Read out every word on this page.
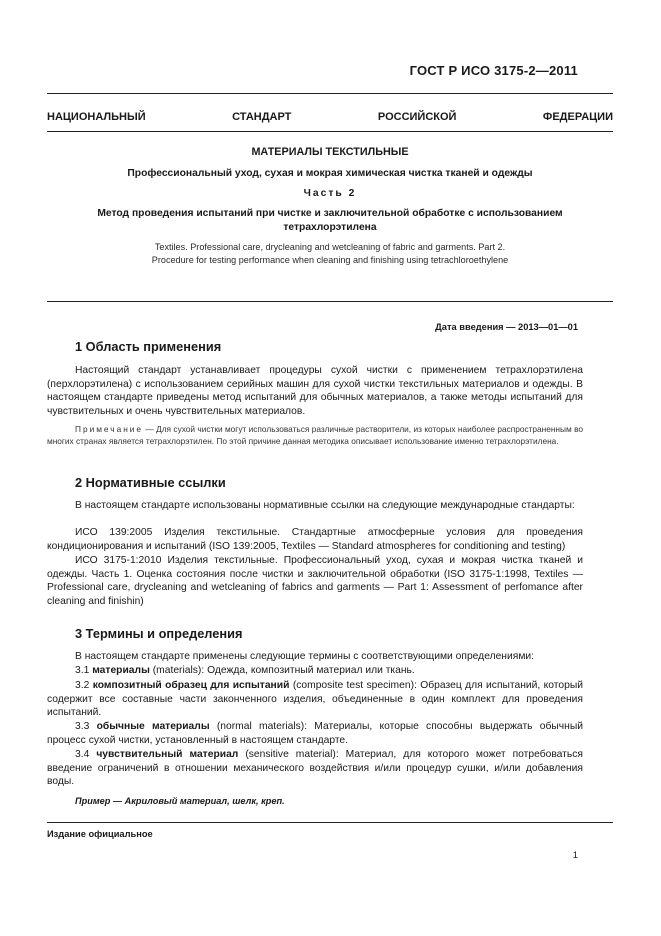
ГОСТ Р ИСО 3175-2—2011
НАЦИОНАЛЬНЫЙ СТАНДАРТ РОССИЙСКОЙ ФЕДЕРАЦИИ
МАТЕРИАЛЫ ТЕКСТИЛЬНЫЕ
Профессиональный уход, сухая и мокрая химическая чистка тканей и одежды
Часть 2
Метод проведения испытаний при чистке и заключительной обработке с использованием
тетрахлорэтилена
Textiles. Professional care, drycleaning and wetcleaning of fabric and garments. Part 2.
Procedure for testing performance when cleaning and finishing using tetrachloroethylene
Дата введения — 2013—01—01
1 Область применения

Настоящий стандарт устанавливает процедуры сухой чистки с применением тетрахлорэтилена (перхлорэтилена) с использованием серийных машин для сухой чистки текстильных материалов и одежды. В настоящем стандарте приведены метод испытаний для обычных материалов, а также методы испытаний для чувствительных и очень чувствительных материалов.

Примечание — Для сухой чистки могут использоваться различные растворители, из которых наиболее распространенным во многих странах является тетрахлорэтилен. По этой причине данная методика описывает использование именно тетрахлорэтилена.
2 Нормативные ссылки

В настоящем стандарте использованы нормативные ссылки на следующие международные стандарты:

ИСО 139:2005 Изделия текстильные. Стандартные атмосферные условия для проведения кондиционирования и испытаний (ISO 139:2005, Textiles — Standard atmospheres for conditioning and testing)

ИСО 3175-1:2010 Изделия текстильные. Профессиональный уход, сухая и мокрая чистка тканей и одежды. Часть 1. Оценка состояния после чистки и заключительной обработки (ISO 3175-1:1998, Textiles — Professional care, drycleaning and wetcleaning of fabrics and garments — Part 1: Assessment of perfomance after cleaning and finishin)

3 Термины и определения

В настоящем стандарте применены следующие термины с соответствующими определениями:

3.1 материалы (materials): Одежда, композитный материал или ткань.

3.2 композитный образец для испытаний (composite test specimen): Образец для испытаний, который содержит все составные части законченного изделия, объединенные в один комплект для проведения испытаний.

3.3 обычные материалы (normal materials): Материалы, которые способны выдержать обычный процесс сухой чистки, установленный в настоящем стандарте.

3.4 чувствительный материал (sensitive material): Материал, для которого может потребоваться введение ограничений в отношении механического воздействия и/или процедур сушки, и/или добавления воды.

Пример — Акриловый материал, шелк, креп.
Издание официальное
1
